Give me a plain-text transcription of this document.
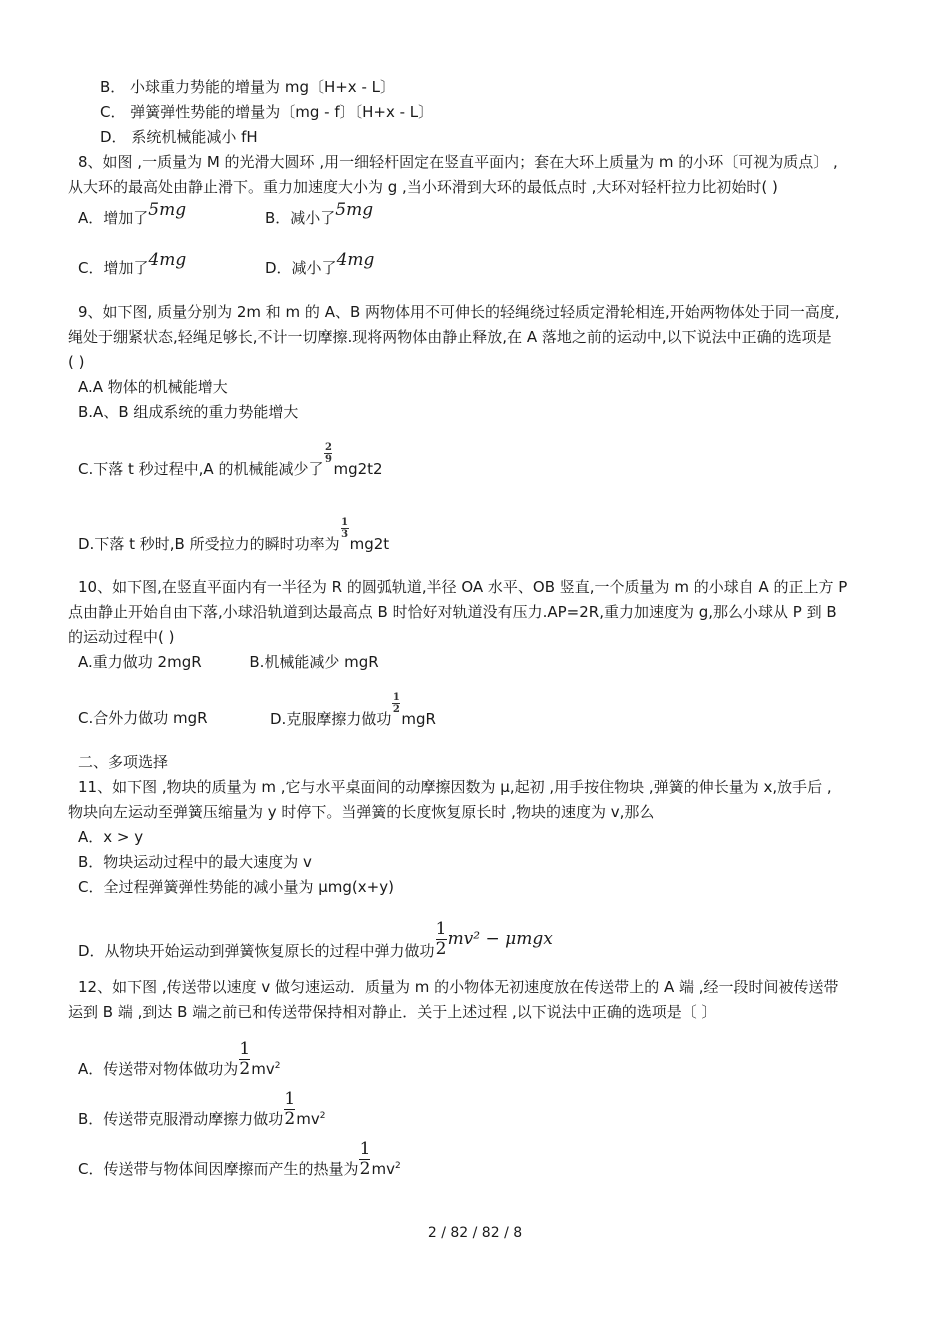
B． 小球重力势能的增量为 mg〔H+x - L〕
C． 弹簧弹性势能的增量为〔mg - f〕〔H+x - L〕
D． 系统机械能减小 fH
8、如图 ,一质量为 M 的光滑大圆环 ,用一细轻杆固定在竖直平面内；套在大环上质量为 m 的小环〔可视为质点〕 ,
从大环的最高处由静止滑下。重力加速度大小为 g ,当小环滑到大环的最低点时 ,大环对轻杆拉力比初始时( )
A．增加了5mg	B．减小了5mg
C．增加了4mg	D．减小了4mg
9、如下图, 质量分别为 2m 和 m 的 A、B 两物体用不可伸长的轻绳绕过轻质定滑轮相连,开始两物体处于同一高度,
绳处于绷紧状态,轻绳足够长,不计一切摩擦.现将两物体由静止释放,在 A 落地之前的运动中,以下说法中正确的选项是
( )
A.A 物体的机械能增大
B.A、B 组成系统的重力势能增大
C.下落 t 秒过程中,A 的机械能减少了
$\frac{2}{9}$
mg2t2
D.下落 t 秒时,B 所受拉力的瞬时功率为
$\frac{1}{3}$
mg2t
10、如下图,在竖直平面内有一半径为 R 的圆弧轨道,半径 OA 水平、OB 竖直,一个质量为 m 的小球自 A 的正上方 P
点由静止开始自由下落,小球沿轨道到达最高点 B 时恰好对轨道没有压力.AP=2R,重力加速度为 g,那么小球从 P 到 B
的运动过程中( )
A.重力做功 2mgR          B.机械能减少 mgR
C.合外力做功 mgR	D.克服摩擦力做功
$\frac{1}{2}$
mgR
二、多项选择
11、如下图 ,物块的质量为 m ,它与水平桌面间的动摩擦因数为 μ,起初 ,用手按住物块 ,弹簧的伸长量为 x,放手后 ,
物块向左运动至弹簧压缩量为 y 时停下。当弹簧的长度恢复原长时 ,物块的速度为 v,那么
A．x > y
B．物块运动过程中的最大速度为 v
C．全过程弹簧弹性势能的减小量为 μmg(x+y)
D．从物块开始运动到弹簧恢复原长的过程中弹力做功 $\frac{1}{2} mv^2 - \mu mgx$
12、如下图 ,传送带以速度 v 做匀速运动．质量为 m 的小物体无初速度放在传送带上的 A 端 ,经一段时间被传送带
运到 B 端 ,到达 B 端之前已和传送带保持相对静止．关于上述过程 ,以下说法中正确的选项是〔 〕
A．传送带对物体做功为 $\frac{1}{2} mv^2$
B．传送带克服滑动摩擦力做功 $\frac{1}{2} mv^2$
C．传送带与物体间因摩擦而产生的热量为 $\frac{1}{2} mv^2$
2 / 82 / 82 / 8
